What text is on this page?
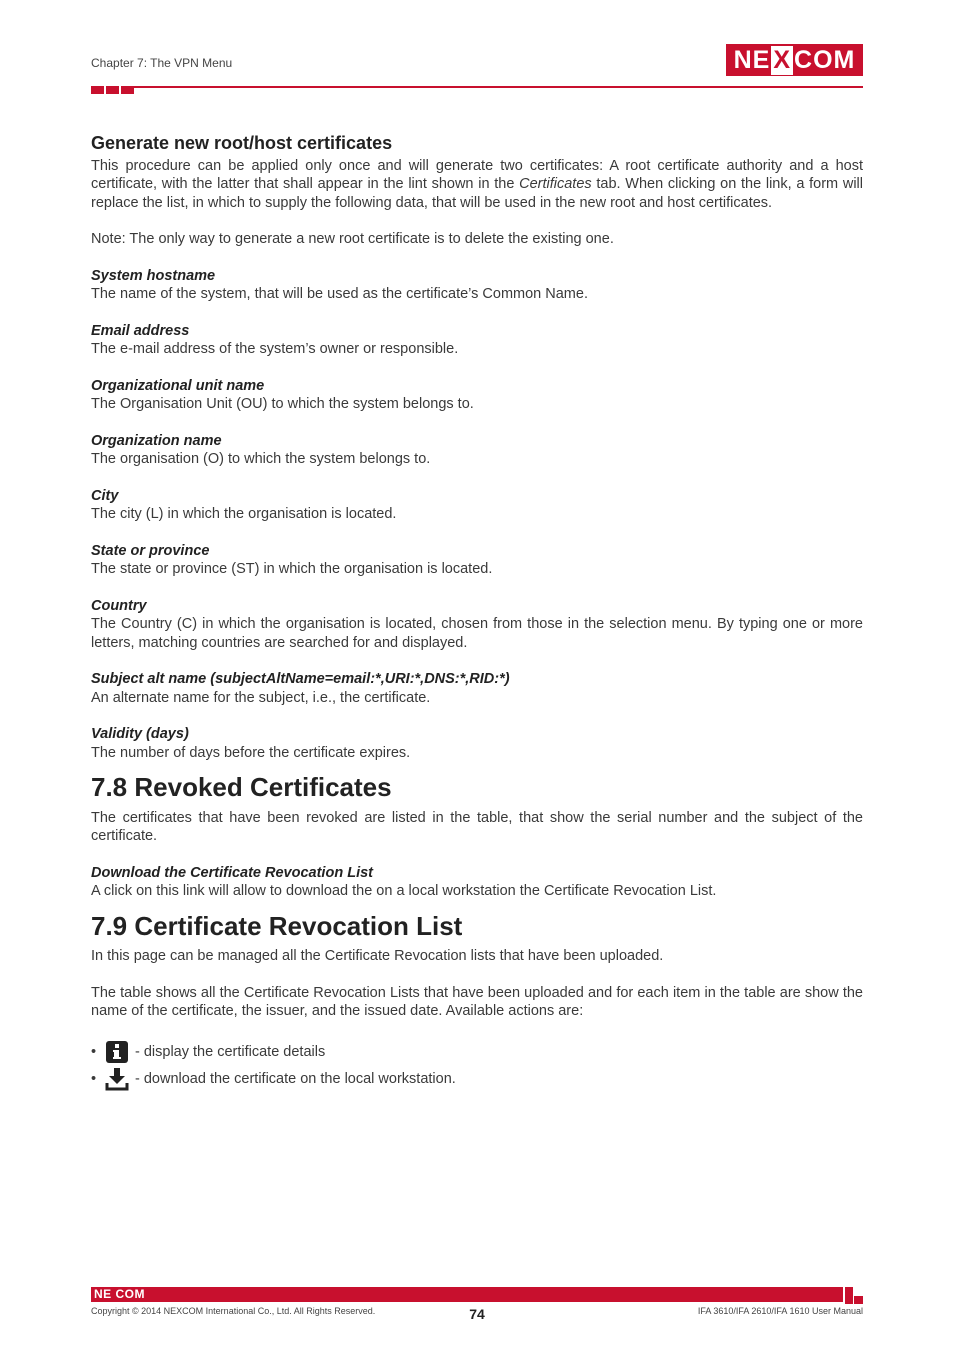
Chapter 7: The VPN Menu	NE X COM
Generate new root/host certificates

This procedure can be applied only once and will generate two certificates: A root certificate authority and a host certificate, with the latter that shall appear in the lint shown in the Certificates tab. When clicking on the link, a form will replace the list, in which to supply the following data, that will be used in the new root and host certificates.

Note: The only way to generate a new root certificate is to delete the existing one.

System hostname

The name of the system, that will be used as the certificate’s Common Name.

Email address

The e-mail address of the system’s owner or responsible.

Organizational unit name

The Organisation Unit (OU) to which the system belongs to.

Organization name

The organisation (O) to which the system belongs to.

City

The city (L) in which the organisation is located.

State or province

The state or province (ST) in which the organisation is located.

Country

The Country (C) in which the organisation is located, chosen from those in the selection menu. By typing one or more letters, matching countries are searched for and displayed.

Subject alt name (subjectAltName=email:*,URI:*,DNS:*,RID:*)

An alternate name for the subject, i.e., the certificate.

Validity (days)

The number of days before the certificate expires.

7.8 Revoked Certificates

The certificates that have been revoked are listed in the table, that show the serial number and the subject of the certificate.

Download the Certificate Revocation List

A click on this link will allow to download the on a local workstation the Certificate Revocation List.

7.9 Certificate Revocation List

In this page can be managed all the Certificate Revocation lists that have been uploaded.

The table shows all the Certificate Revocation Lists that have been uploaded and for each item in the table are show the name of the certificate, the issuer, and the issued date. Available actions are:

•	- display the certificate details
•	- download the certificate on the local workstation.
NE COM
Copyright © 2014 NEXCOM International Co., Ltd. All Rights Reserved.	74	IFA 3610/IFA 2610/IFA 1610 User Manual
